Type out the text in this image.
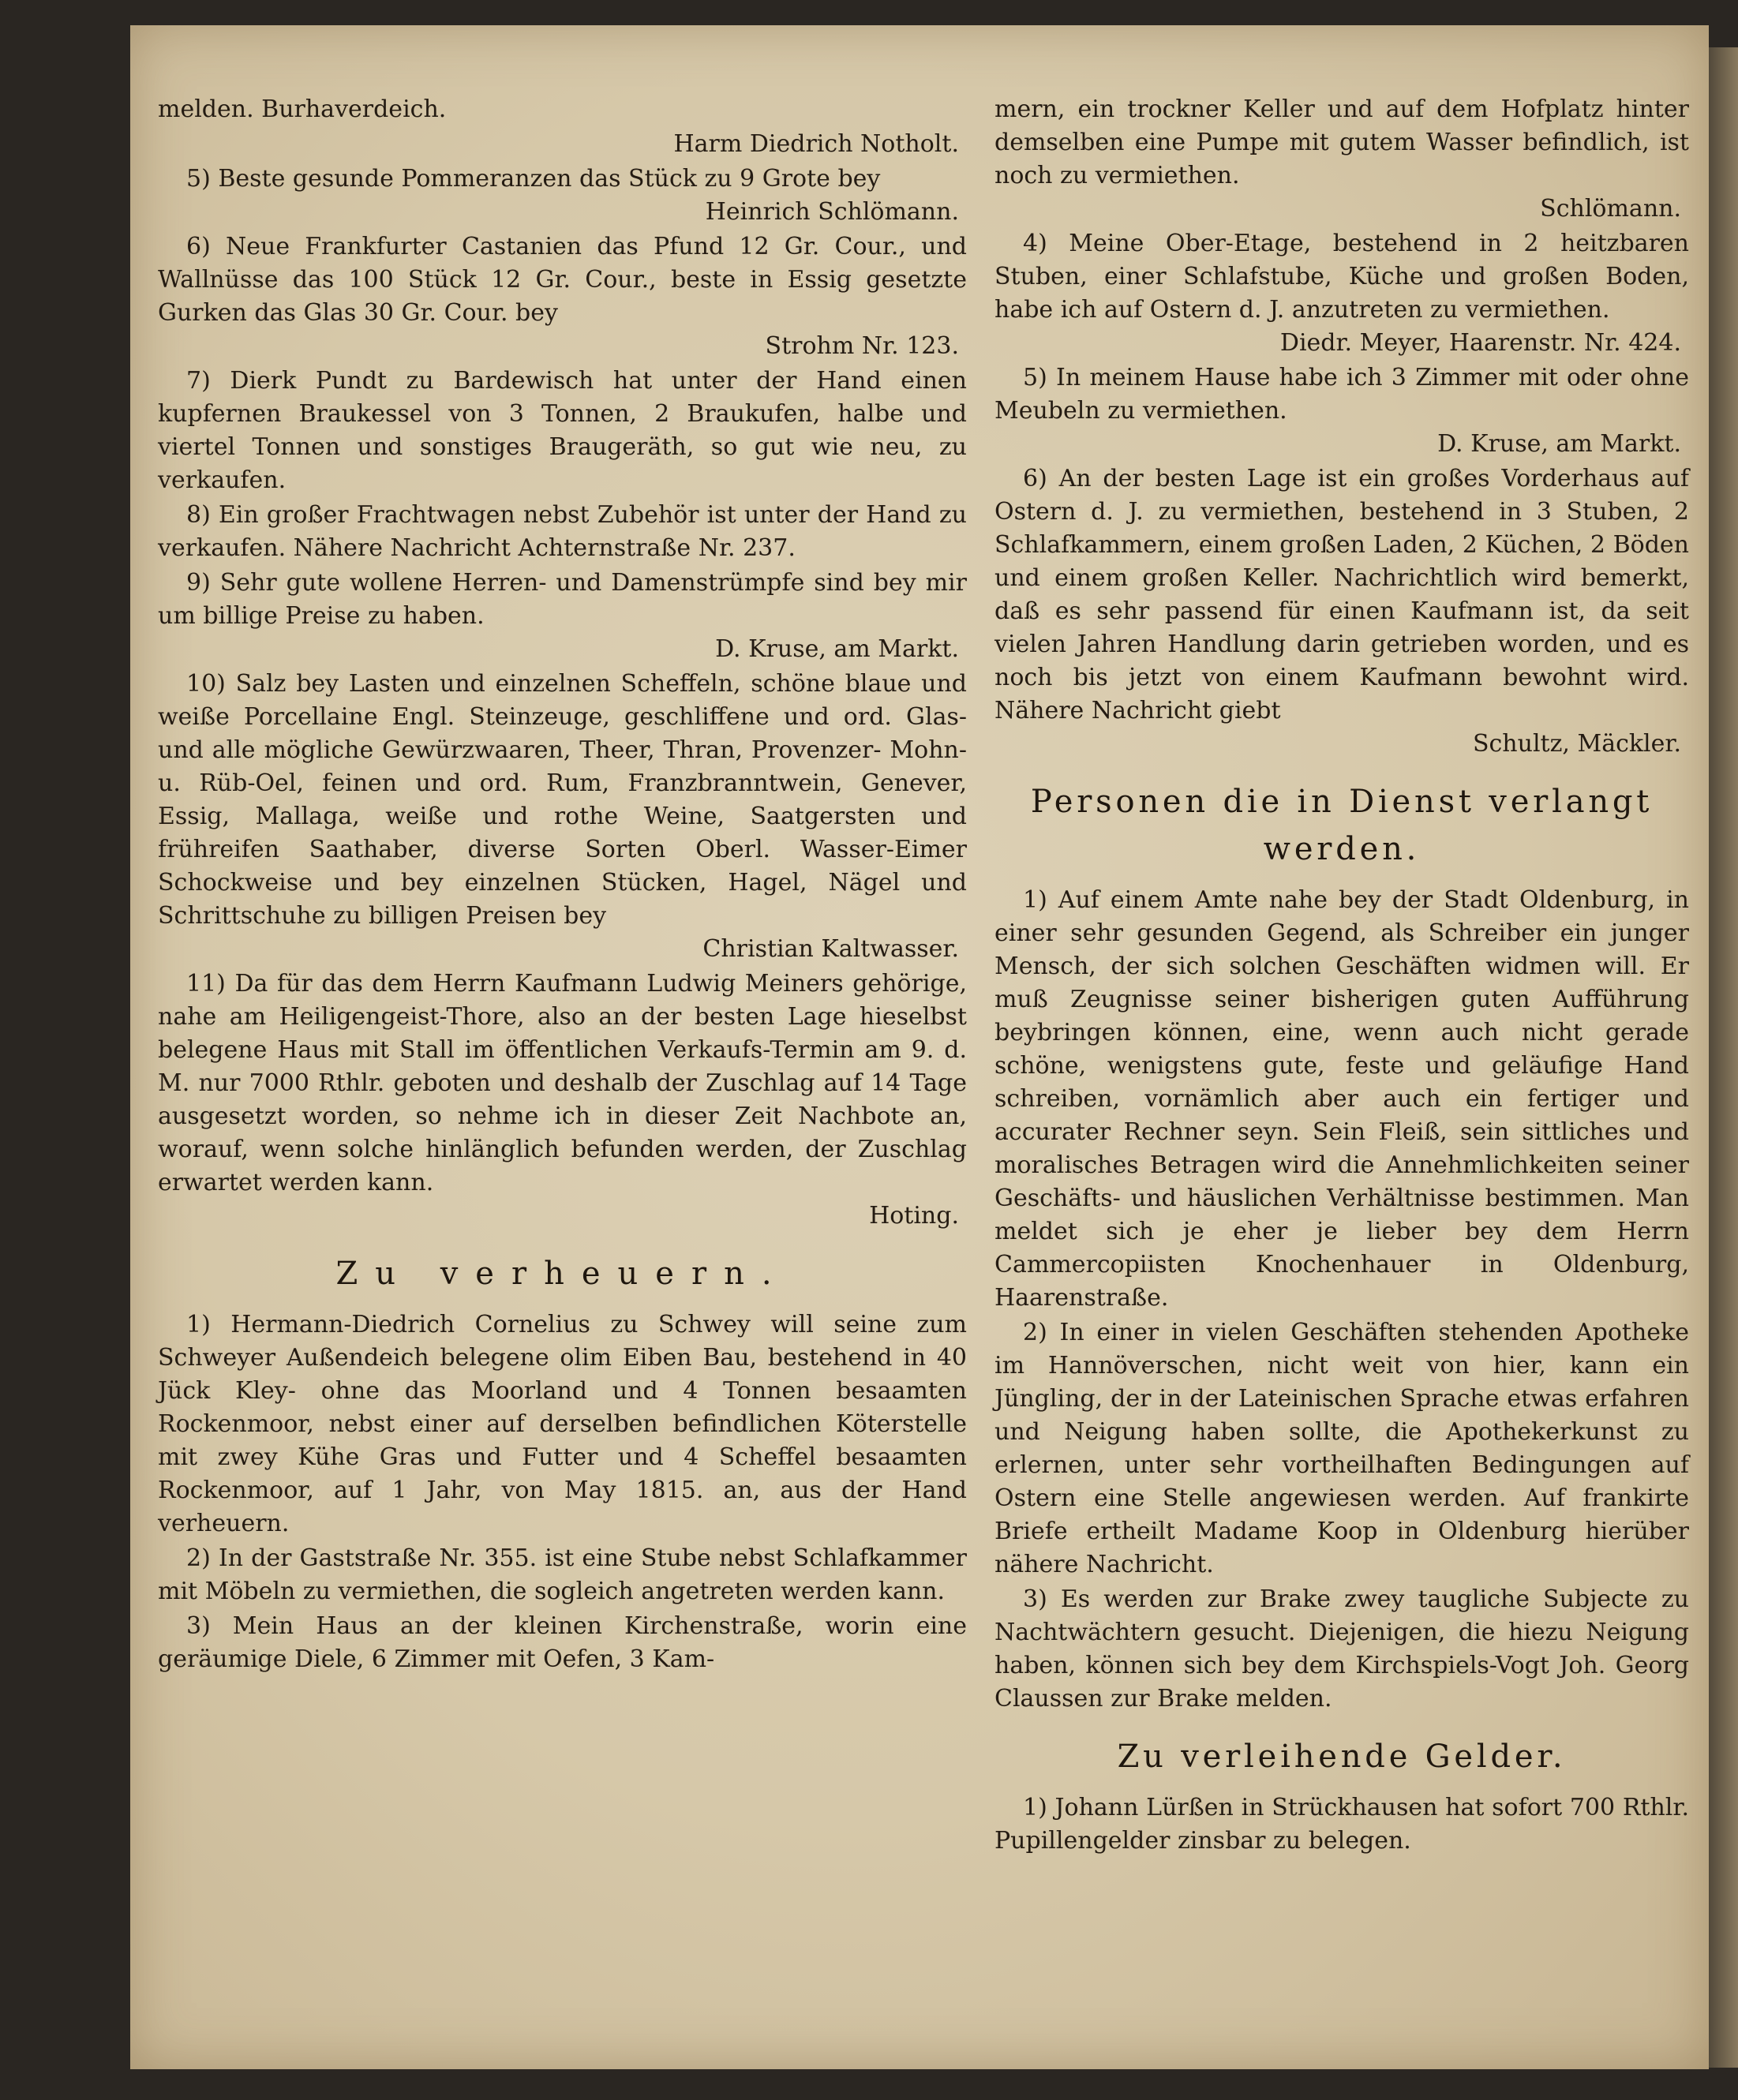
melden. Burhaverdeich.

Harm Diedrich Notholt.

5) Beste gesunde Pommeranzen das Stück zu 9 Grote bey
Heinrich Schlömann.

6) Neue Frankfurter Castanien das Pfund 12 Gr. Cour., und Wallnüsse das 100 Stück 12 Gr. Cour., beste in Essig gesetzte Gurken das Glas 30 Gr. Cour. bey
Strohm Nr. 123.

7) Dierk Pundt zu Bardewisch hat unter der Hand einen kupfernen Braukessel von 3 Tonnen, 2 Braukufen, halbe und viertel Tonnen und sonstiges Braugeräth, so gut wie neu, zu verkaufen.

8) Ein großer Frachtwagen nebst Zubehör ist unter der Hand zu verkaufen. Nähere Nachricht Achternstraße Nr. 237.

9) Sehr gute wollene Herren- und Damenstrümpfe sind bey mir um billige Preise zu haben.
D. Kruse, am Markt.

10) Salz bey Lasten und einzelnen Scheffeln, schöne blaue und weiße Porcellaine Engl. Steinzeuge, geschliffene und ord. Glas- und alle mögliche Gewürzwaaren, Theer, Thran, Provenzer- Mohn- u. Rüb-Oel, feinen und ord. Rum, Franzbranntwein, Genever, Essig, Mallaga, weiße und rothe Weine, Saatgersten und frühreifen Saathaber, diverse Sorten Oberl. Wasser-Eimer Schockweise und bey einzelnen Stücken, Hagel, Nägel und Schrittschuhe zu billigen Preisen bey
Christian Kaltwasser.

11) Da für das dem Herrn Kaufmann Ludwig Meiners gehörige, nahe am Heiligengeist-Thore, also an der besten Lage hieselbst belegene Haus mit Stall im öffentlichen Verkaufs-Termin am 9. d. M. nur 7000 Rthlr. geboten und deshalb der Zuschlag auf 14 Tage ausgesetzt worden, so nehme ich in dieser Zeit Nachbote an, worauf, wenn solche hinlänglich befunden werden, der Zuschlag erwartet werden kann.
Hoting.

Zu verheuern.

1) Hermann-Diedrich Cornelius zu Schwey will seine zum Schweyer Außendeich belegene olim Eiben Bau, bestehend in 40 Jück Kley- ohne das Moorland und 4 Tonnen besaamten Rockenmoor, nebst einer auf derselben befindlichen Köterstelle mit zwey Kühe Gras und Futter und 4 Scheffel besaamten Rockenmoor, auf 1 Jahr, von May 1815. an, aus der Hand verheuern.

2) In der Gaststraße Nr. 355. ist eine Stube nebst Schlafkammer mit Möbeln zu vermiethen, die sogleich angetreten werden kann.

3) Mein Haus an der kleinen Kirchenstraße, worin eine geräumige Diele, 6 Zimmer mit Oefen, 3 Kam-

mern, ein trockner Keller und auf dem Hofplatz hinter demselben eine Pumpe mit gutem Wasser befindlich, ist noch zu vermiethen.
Schlömann.

4) Meine Ober-Etage, bestehend in 2 heitzbaren Stuben, einer Schlafstube, Küche und großen Boden, habe ich auf Ostern d. J. anzutreten zu vermiethen.
Diedr. Meyer, Haarenstr. Nr. 424.

5) In meinem Hause habe ich 3 Zimmer mit oder ohne Meubeln zu vermiethen.
D. Kruse, am Markt.

6) An der besten Lage ist ein großes Vorderhaus auf Ostern d. J. zu vermiethen, bestehend in 3 Stuben, 2 Schlafkammern, einem großen Laden, 2 Küchen, 2 Böden und einem großen Keller. Nachrichtlich wird bemerkt, daß es sehr passend für einen Kaufmann ist, da seit vielen Jahren Handlung darin getrieben worden, und es noch bis jetzt von einem Kaufmann bewohnt wird. Nähere Nachricht giebt
Schultz, Mäckler.

Personen die in Dienst verlangt werden.

1) Auf einem Amte nahe bey der Stadt Oldenburg, in einer sehr gesunden Gegend, als Schreiber ein junger Mensch, der sich solchen Geschäften widmen will. Er muß Zeugnisse seiner bisherigen guten Aufführung beybringen können, eine, wenn auch nicht gerade schöne, wenigstens gute, feste und geläufige Hand schreiben, vornämlich aber auch ein fertiger und accurater Rechner seyn. Sein Fleiß, sein sittliches und moralisches Betragen wird die Annehmlichkeiten seiner Geschäfts- und häuslichen Verhältnisse bestimmen. Man meldet sich je eher je lieber bey dem Herrn Cammercopiisten Knochenhauer in Oldenburg, Haarenstraße.

2) In einer in vielen Geschäften stehenden Apotheke im Hannöverschen, nicht weit von hier, kann ein Jüngling, der in der Lateinischen Sprache etwas erfahren und Neigung haben sollte, die Apothekerkunst zu erlernen, unter sehr vortheilhaften Bedingungen auf Ostern eine Stelle angewiesen werden. Auf frankirte Briefe ertheilt Madame Koop in Oldenburg hierüber nähere Nachricht.

3) Es werden zur Brake zwey taugliche Subjecte zu Nachtwächtern gesucht. Diejenigen, die hiezu Neigung haben, können sich bey dem Kirchspiels-Vogt Joh. Georg Claussen zur Brake melden.

Zu verleihende Gelder.

1) Johann Lürßen in Strückhausen hat sofort 700 Rthlr. Pupillengelder zinsbar zu belegen.
